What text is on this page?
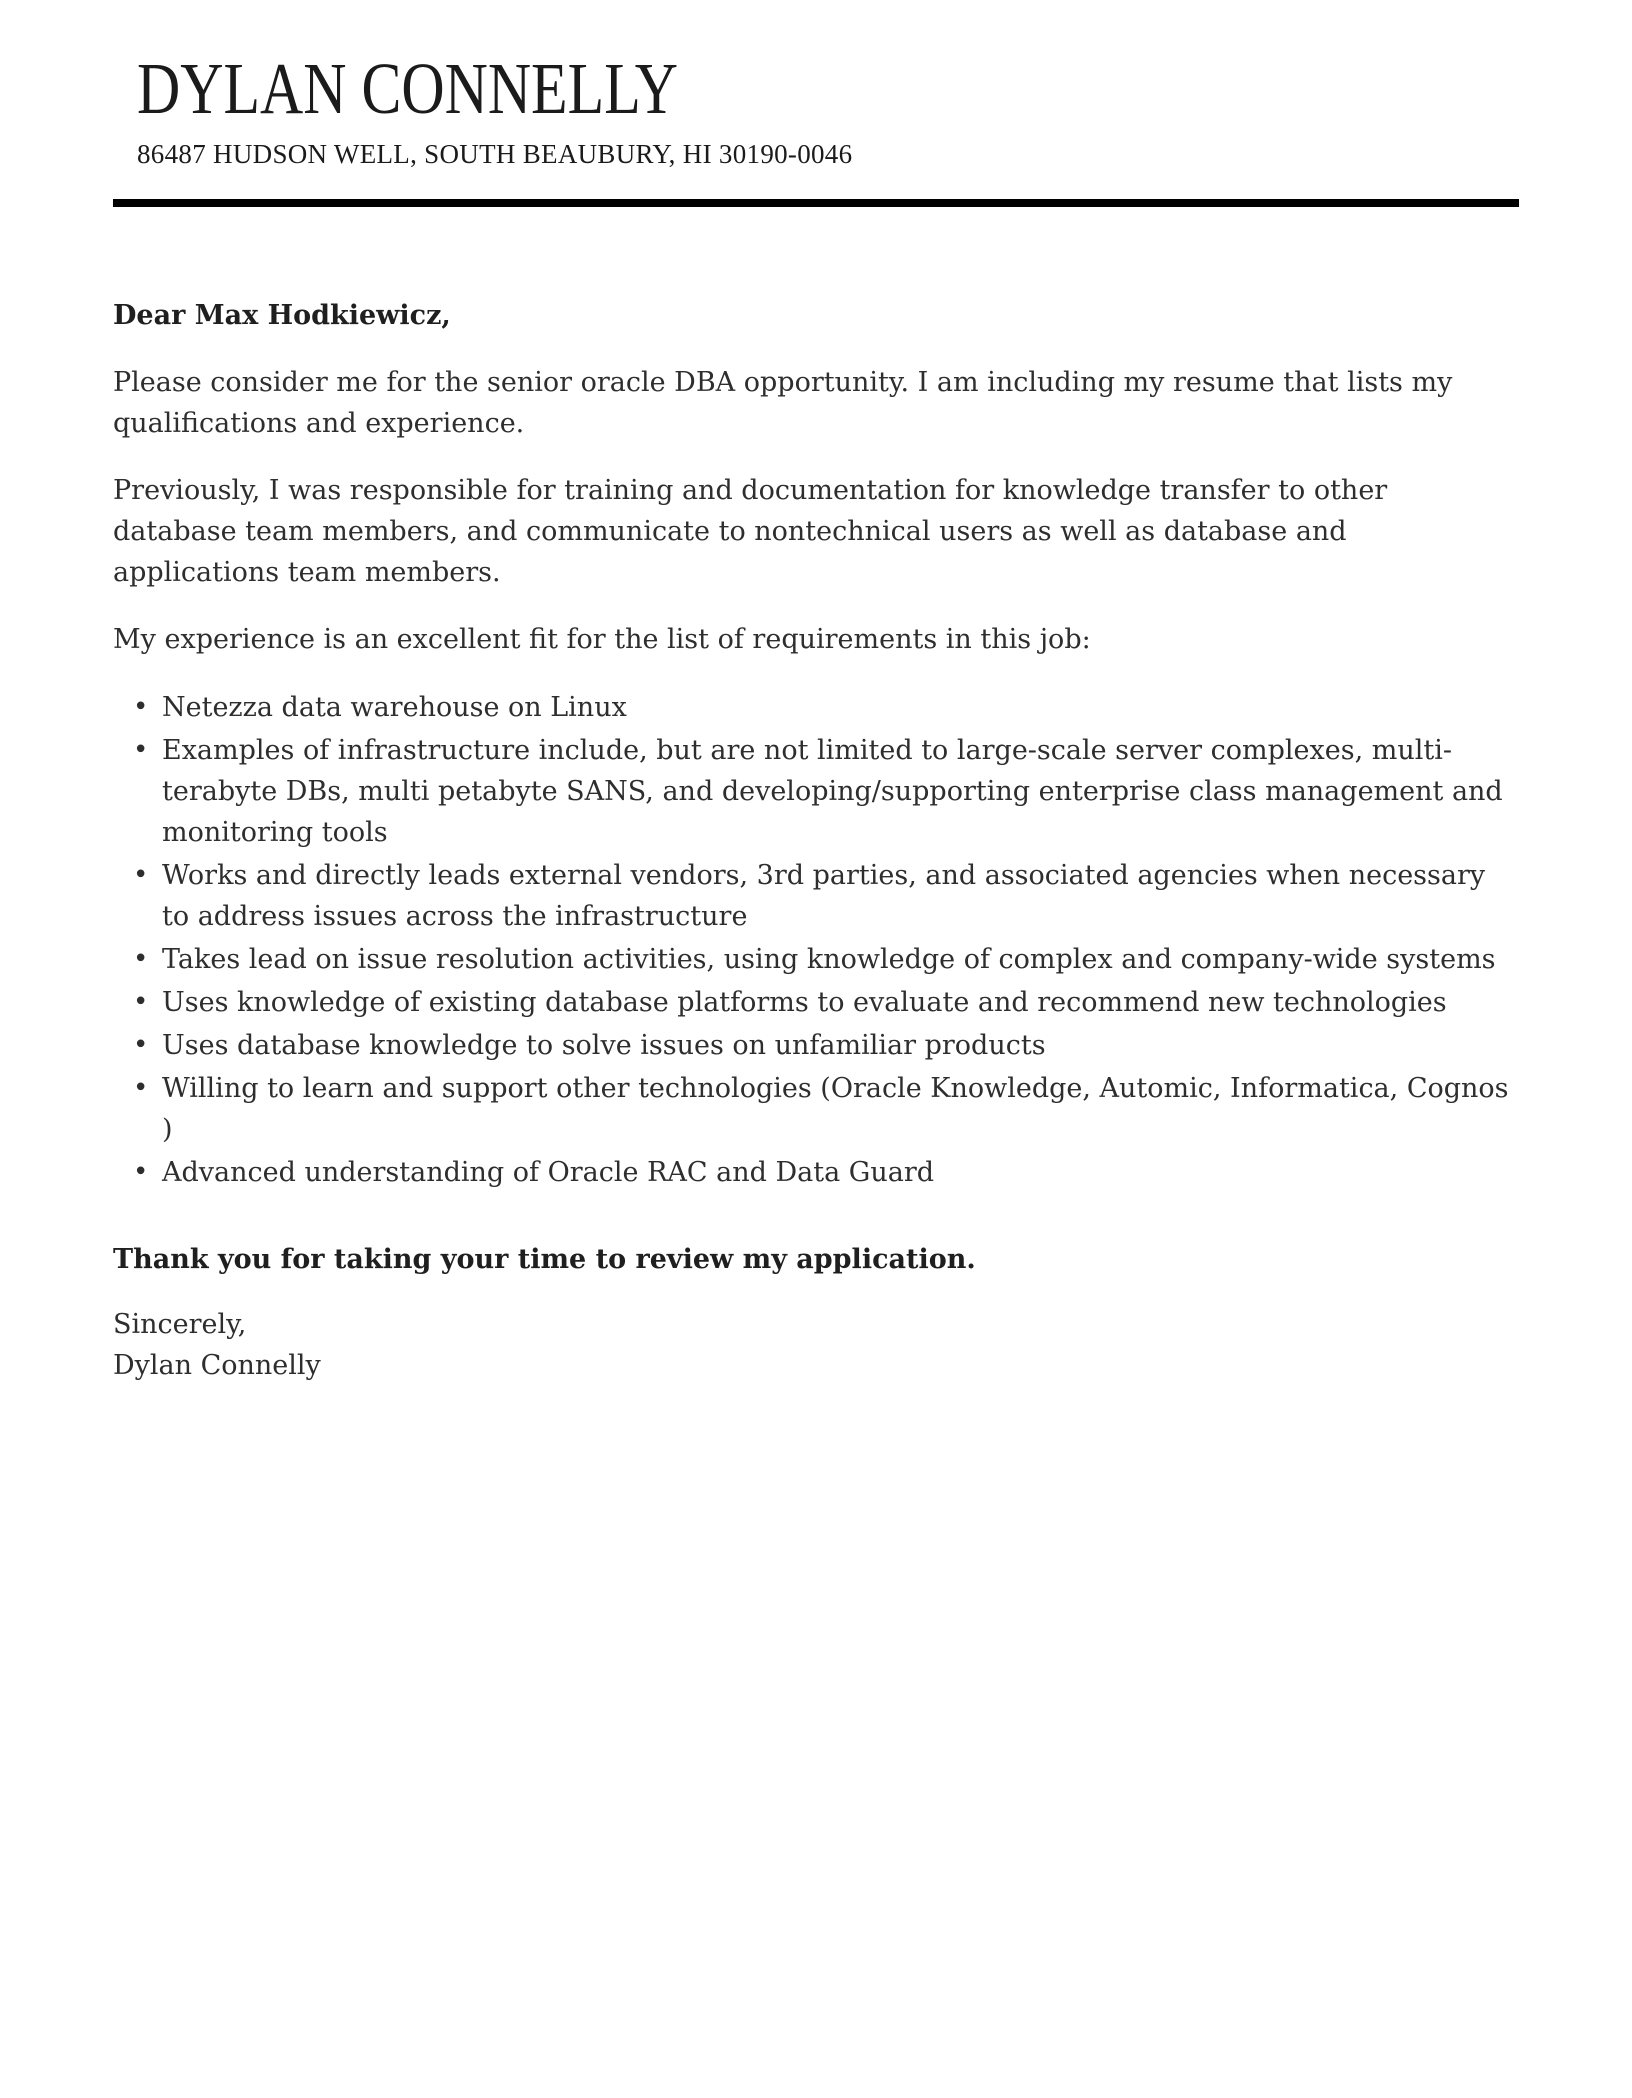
DYLAN CONNELLY
86487 HUDSON WELL, SOUTH BEAUBURY, HI 30190-0046

Dear Max Hodkiewicz,

Please consider me for the senior oracle DBA opportunity. I am including my resume that lists my qualifications and experience.

Previously, I was responsible for training and documentation for knowledge transfer to other database team members, and communicate to nontechnical users as well as database and applications team members.

My experience is an excellent fit for the list of requirements in this job:

• Netezza data warehouse on Linux
• Examples of infrastructure include, but are not limited to large-scale server complexes, multi-terabyte DBs, multi petabyte SANS, and developing/supporting enterprise class management and monitoring tools
• Works and directly leads external vendors, 3rd parties, and associated agencies when necessary to address issues across the infrastructure
• Takes lead on issue resolution activities, using knowledge of complex and company-wide systems
• Uses knowledge of existing database platforms to evaluate and recommend new technologies
• Uses database knowledge to solve issues on unfamiliar products
• Willing to learn and support other technologies (Oracle Knowledge, Automic, Informatica, Cognos )
• Advanced understanding of Oracle RAC and Data Guard

Thank you for taking your time to review my application.

Sincerely,
Dylan Connelly
